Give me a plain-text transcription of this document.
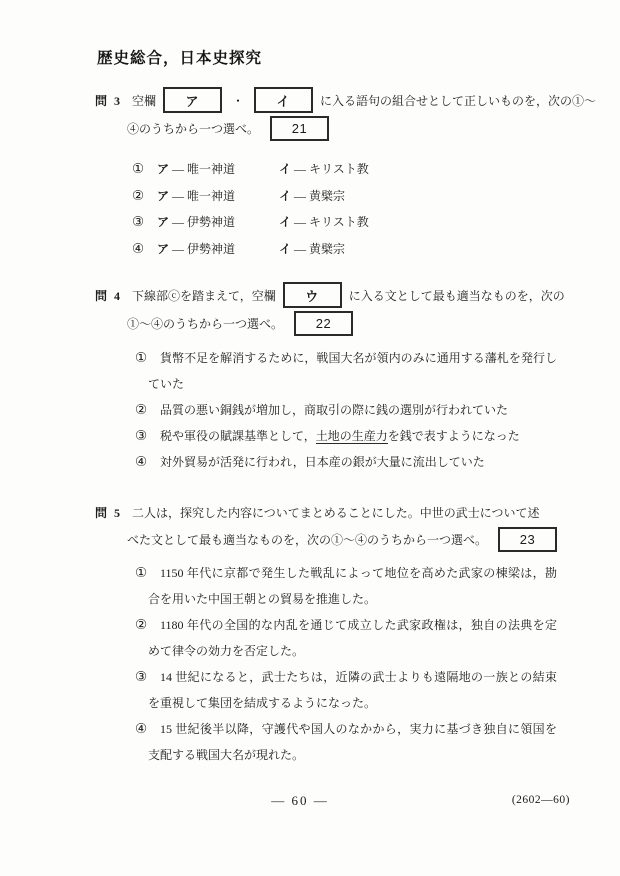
歴史総合，日本史探究
問 3 空欄	ア	・	イ	に入る語句の組合せとして正しいものを，次の①～
④のうちから一つ選べ。	21
① ア ― 唯一神道	イ ― キリスト教
② ア ― 唯一神道	イ ― 黄檗宗
③ ア ― 伊勢神道	イ ― キリスト教
④ ア ― 伊勢神道	イ ― 黄檗宗
問 4 下線部ⓒを踏まえて，空欄	ウ	に入る文として最も適当なものを，次の
①～④のうちから一つ選べ。	22
① 貨幣不足を解消するために，戦国大名が領内のみに通用する藩札を発行していた
② 品質の悪い銅銭が増加し，商取引の際に銭の選別が行われていた
③ 税や軍役の賦課基準として，土地の生産力を銭で表すようになった
④ 対外貿易が活発に行われ，日本産の銀が大量に流出していた
問 5 二人は，探究した内容についてまとめることにした。中世の武士について述
べた文として最も適当なものを，次の①～④のうちから一つ選べ。	23
① 1150 年代に京都で発生した戦乱によって地位を高めた武家の棟梁は，勘合を用いた中国王朝との貿易を推進した。
② 1180 年代の全国的な内乱を通じて成立した武家政権は，独自の法典を定めて律令の効力を否定した。
③ 14 世紀になると，武士たちは，近隣の武士よりも遠隔地の一族との結束を重視して集団を結成するようになった。
④ 15 世紀後半以降，守護代や国人のなかから，実力に基づき独自に領国を支配する戦国大名が現れた。
— 60 —	(2602—60)
